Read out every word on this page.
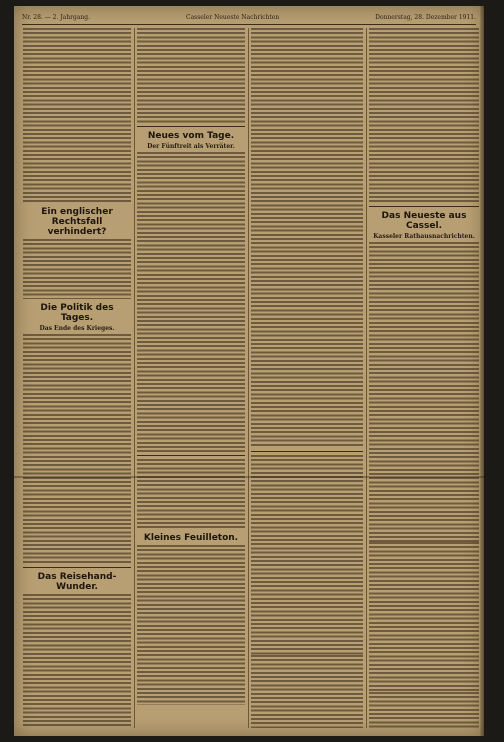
Nr. 28. — 2. Jahrgang.	Casseler Neueste Nachrichten	Donnerstag, 28. Dezember 1911.
Ein englischer Rechtsfall verhindert?
Die Politik des Tages.
Das Ende des Krieges.
Das Reisehand-Wunder.
Neues vom Tage.
Der Fünftreit als Verräter.
Kleines Feuilleton.
Das Neueste aus Cassel.
Kasseler Rathausnachrichten.
